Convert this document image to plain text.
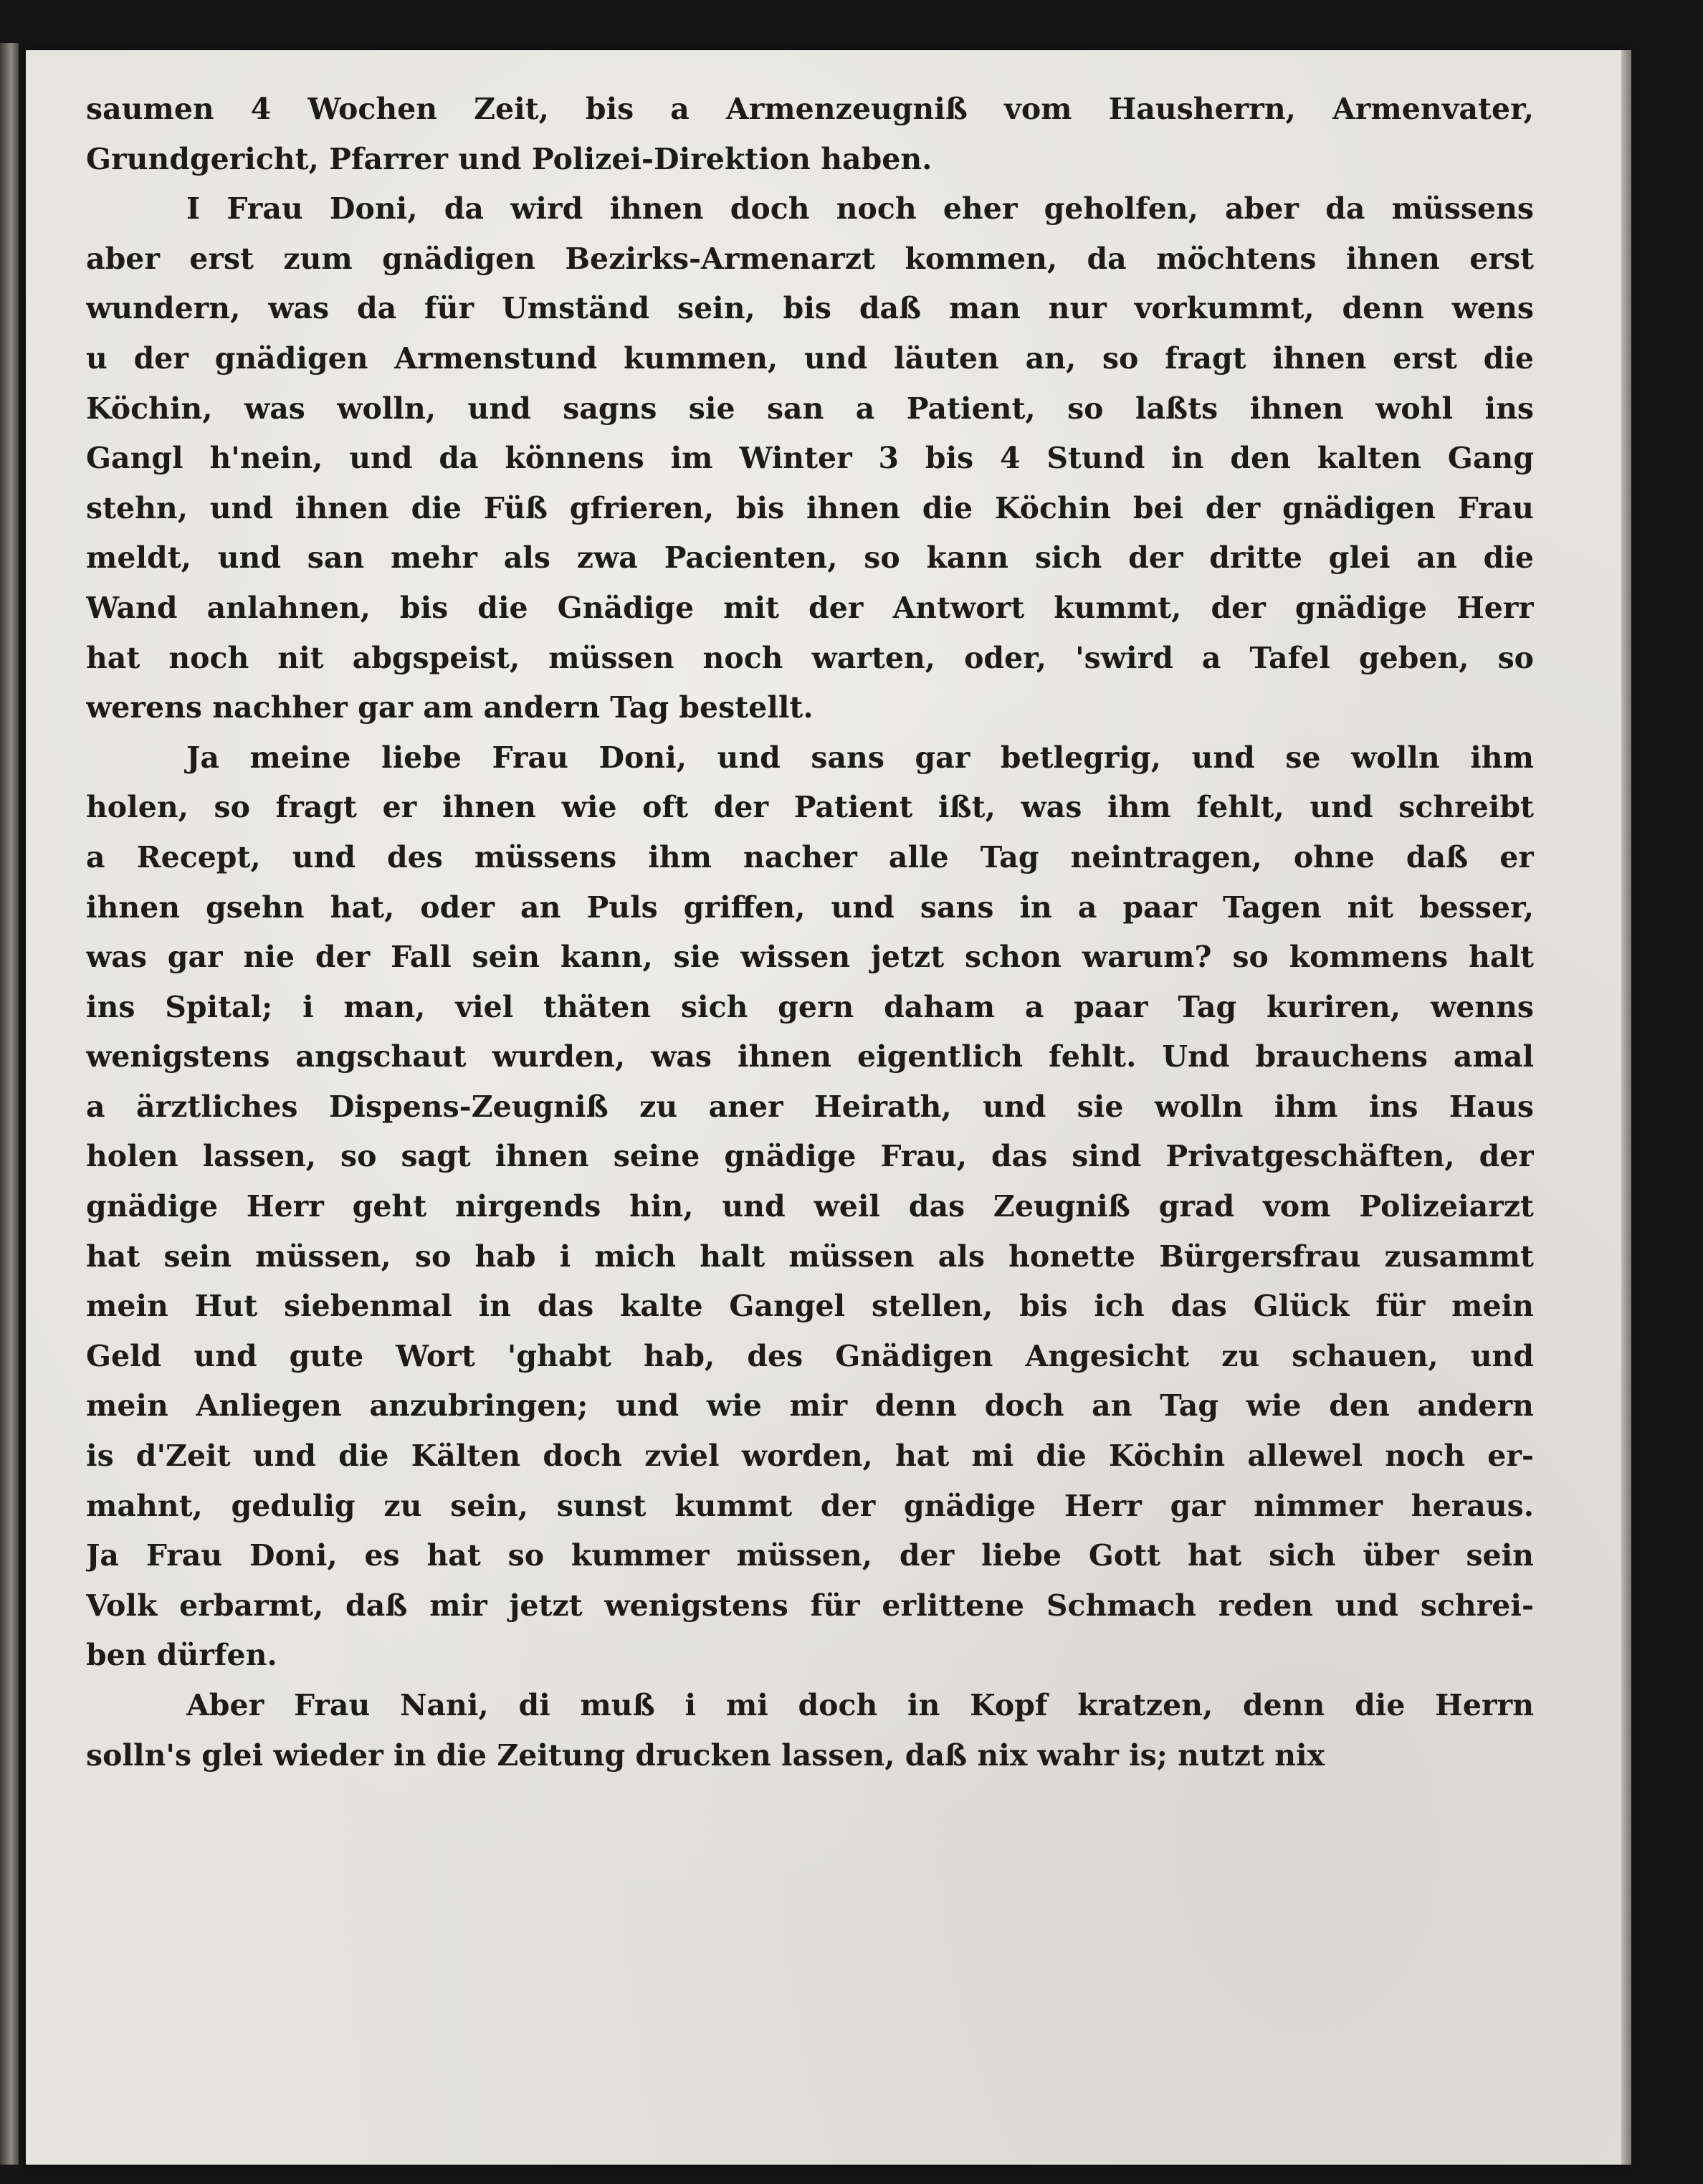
saumen 4 Wochen Zeit, bis a Armenzeugniß vom Hausherrn, Armenvater,
Grundgericht, Pfarrer und Polizei-Direktion haben.
I Frau Doni, da wird ihnen doch noch eher geholfen, aber da müssens
aber erst zum gnädigen Bezirks-Armenarzt kommen, da möchtens ihnen erst
wundern, was da für Umständ sein, bis daß man nur vorkummt, denn wens
u der gnädigen Armenstund kummen, und läuten an, so fragt ihnen erst die
Köchin, was wolln, und sagns sie san a Patient, so laßts ihnen wohl ins
Gangl h'nein, und da könnens im Winter 3 bis 4 Stund in den kalten Gang
stehn, und ihnen die Füß gfrieren, bis ihnen die Köchin bei der gnädigen Frau
meldt, und san mehr als zwa Pacienten, so kann sich der dritte glei an die
Wand anlahnen, bis die Gnädige mit der Antwort kummt, der gnädige Herr
hat noch nit abgspeist, müssen noch warten, oder, 'swird a Tafel geben, so
werens nachher gar am andern Tag bestellt.
Ja meine liebe Frau Doni, und sans gar betlegrig, und se wolln ihm
holen, so fragt er ihnen wie oft der Patient ißt, was ihm fehlt, und schreibt
a Recept, und des müssens ihm nacher alle Tag neintragen, ohne daß er
ihnen gsehn hat, oder an Puls griffen, und sans in a paar Tagen nit besser,
was gar nie der Fall sein kann, sie wissen jetzt schon warum? so kommens halt
ins Spital; i man, viel thäten sich gern daham a paar Tag kuriren, wenns
wenigstens angschaut wurden, was ihnen eigentlich fehlt. Und brauchens amal
a ärztliches Dispens-Zeugniß zu aner Heirath, und sie wolln ihm ins Haus
holen lassen, so sagt ihnen seine gnädige Frau, das sind Privatgeschäften, der
gnädige Herr geht nirgends hin, und weil das Zeugniß grad vom Polizeiarzt
hat sein müssen, so hab i mich halt müssen als honette Bürgersfrau zusammt
mein Hut siebenmal in das kalte Gangel stellen, bis ich das Glück für mein
Geld und gute Wort 'ghabt hab, des Gnädigen Angesicht zu schauen, und
mein Anliegen anzubringen; und wie mir denn doch an Tag wie den andern
is d'Zeit und die Kälten doch zviel worden, hat mi die Köchin allewel noch er-
mahnt, gedulig zu sein, sunst kummt der gnädige Herr gar nimmer heraus.
Ja Frau Doni, es hat so kummer müssen, der liebe Gott hat sich über sein
Volk erbarmt, daß mir jetzt wenigstens für erlittene Schmach reden und schrei-
ben dürfen.
Aber Frau Nani, di muß i mi doch in Kopf kratzen, denn die Herrn
solln's glei wieder in die Zeitung drucken lassen, daß nix wahr is; nutzt nix
